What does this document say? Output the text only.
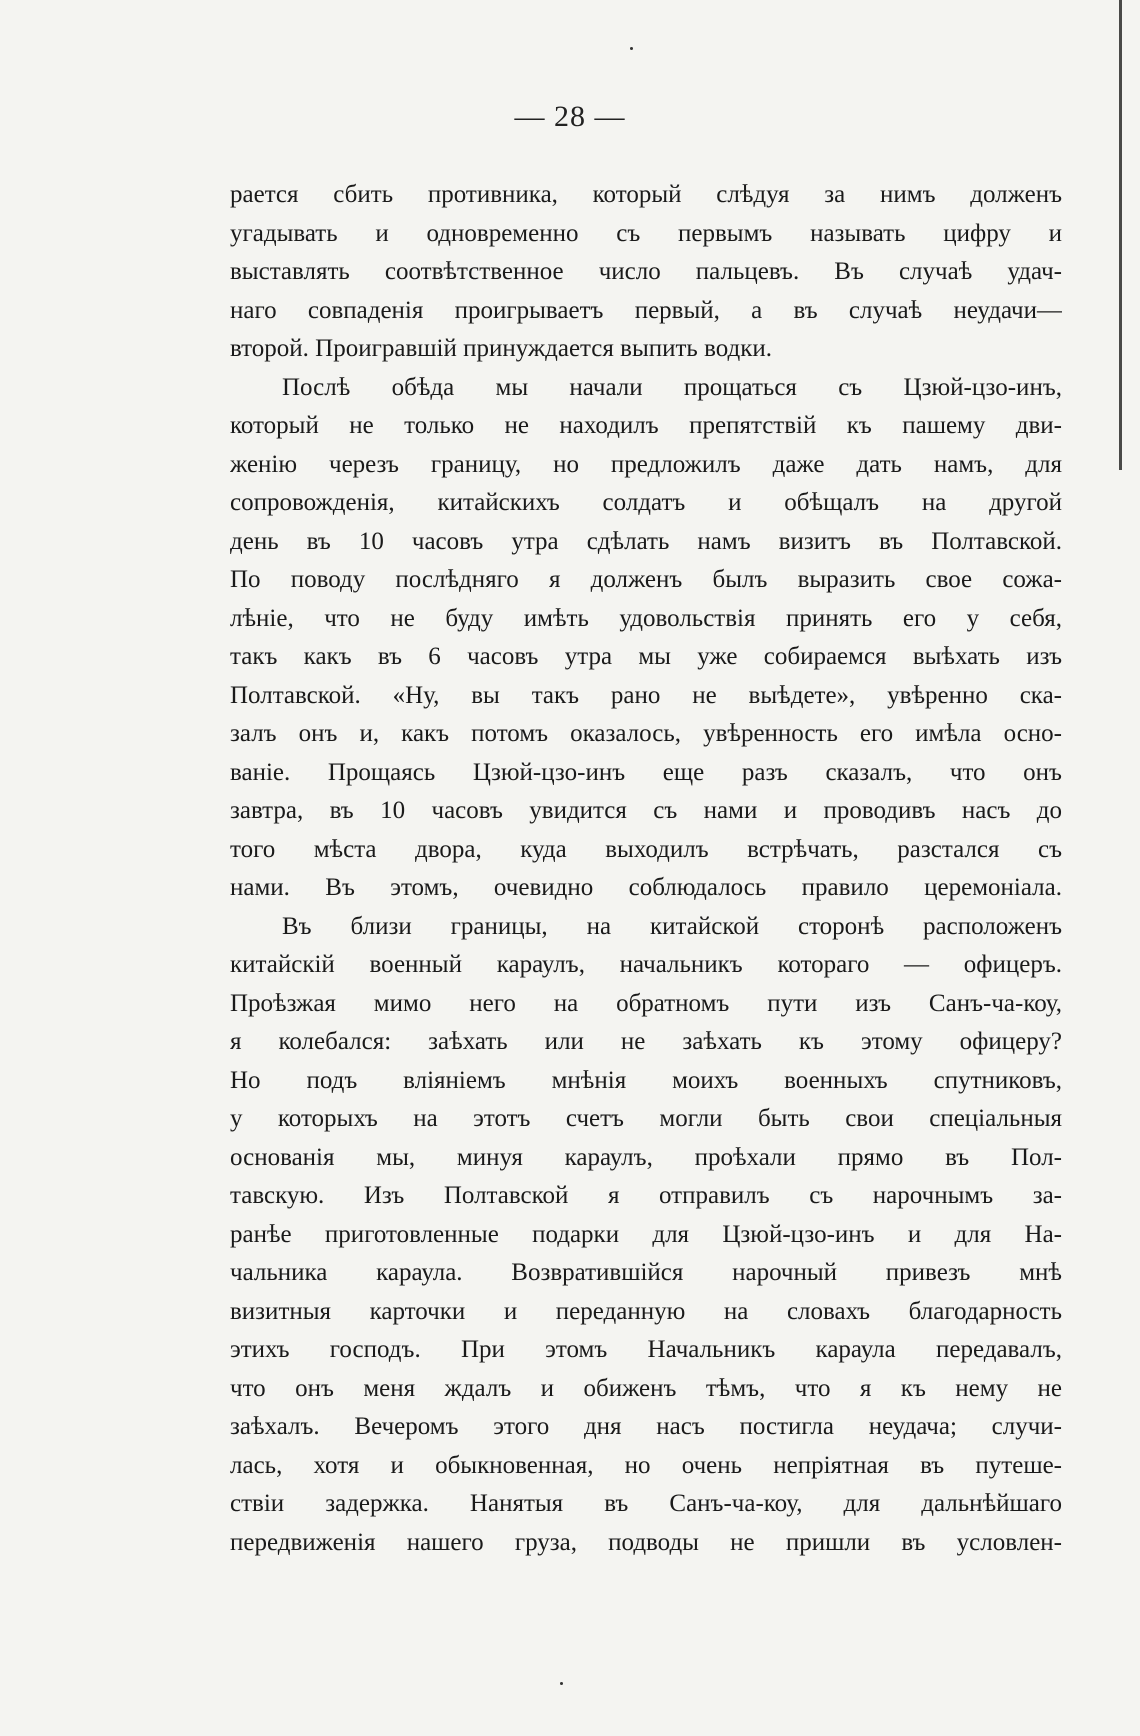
— 28 —
рается сбить противника, который слѣдуя за нимъ долженъ
угадывать и одновременно съ первымъ называть цифру и
выставлять соотвѣтственное число пальцевъ. Въ случаѣ удач-
наго совпаденія проигрываетъ первый, а въ случаѣ неудачи—
второй. Проигравшій принуждается выпить водки.
Послѣ обѣда мы начали прощаться съ Цзюй-цзо-инъ,
который не только не находилъ препятствій къ пашему дви-
женію черезъ границу, но предложилъ даже дать намъ, для
сопровожденія, китайскихъ солдатъ и обѣщалъ на другой
день въ 10 часовъ утра сдѣлать намъ визитъ въ Полтавской.
По поводу послѣдняго я долженъ былъ выразить свое сожа-
лѣніе, что не буду имѣть удовольствія принять его у себя,
такъ какъ въ 6 часовъ утра мы уже собираемся выѣхать изъ
Полтавской. «Ну, вы такъ рано не выѣдете», увѣренно ска-
залъ онъ и, какъ потомъ оказалось, увѣренность его имѣла осно-
ваніе. Прощаясь Цзюй-цзо-инъ еще разъ сказалъ, что онъ
завтра, въ 10 часовъ увидится съ нами и проводивъ насъ до
того мѣста двора, куда выходилъ встрѣчать, разстался съ
нами. Въ этомъ, очевидно соблюдалось правило церемоніала.
Въ близи границы, на китайской сторонѣ расположенъ
китайскій военный караулъ, начальникъ котораго — офицеръ.
Проѣзжая мимо него на обратномъ пути изъ Санъ-ча-коу,
я колебался: заѣхать или не заѣхать къ этому офицеру?
Но подъ вліяніемъ мнѣнія моихъ военныхъ спутниковъ,
у которыхъ на этотъ счетъ могли быть свои спеціальныя
основанія мы, минуя караулъ, проѣхали прямо въ Пол-
тавскую. Изъ Полтавской я отправилъ съ нарочнымъ за-
ранѣе приготовленные подарки для Цзюй-цзо-инъ и для На-
чальника караула. Возвратившійся нарочный привезъ мнѣ
визитныя карточки и переданную на словахъ благодарность
этихъ господъ. При этомъ Начальникъ караула передавалъ,
что онъ меня ждалъ и обиженъ тѣмъ, что я къ нему не
заѣхалъ. Вечеромъ этого дня насъ постигла неудача; случи-
лась, хотя и обыкновенная, но очень непріятная въ путеше-
ствіи задержка. Нанятыя въ Санъ-ча-коу, для дальнѣйшаго
передвиженія нашего груза, подводы не пришли въ условлен-
